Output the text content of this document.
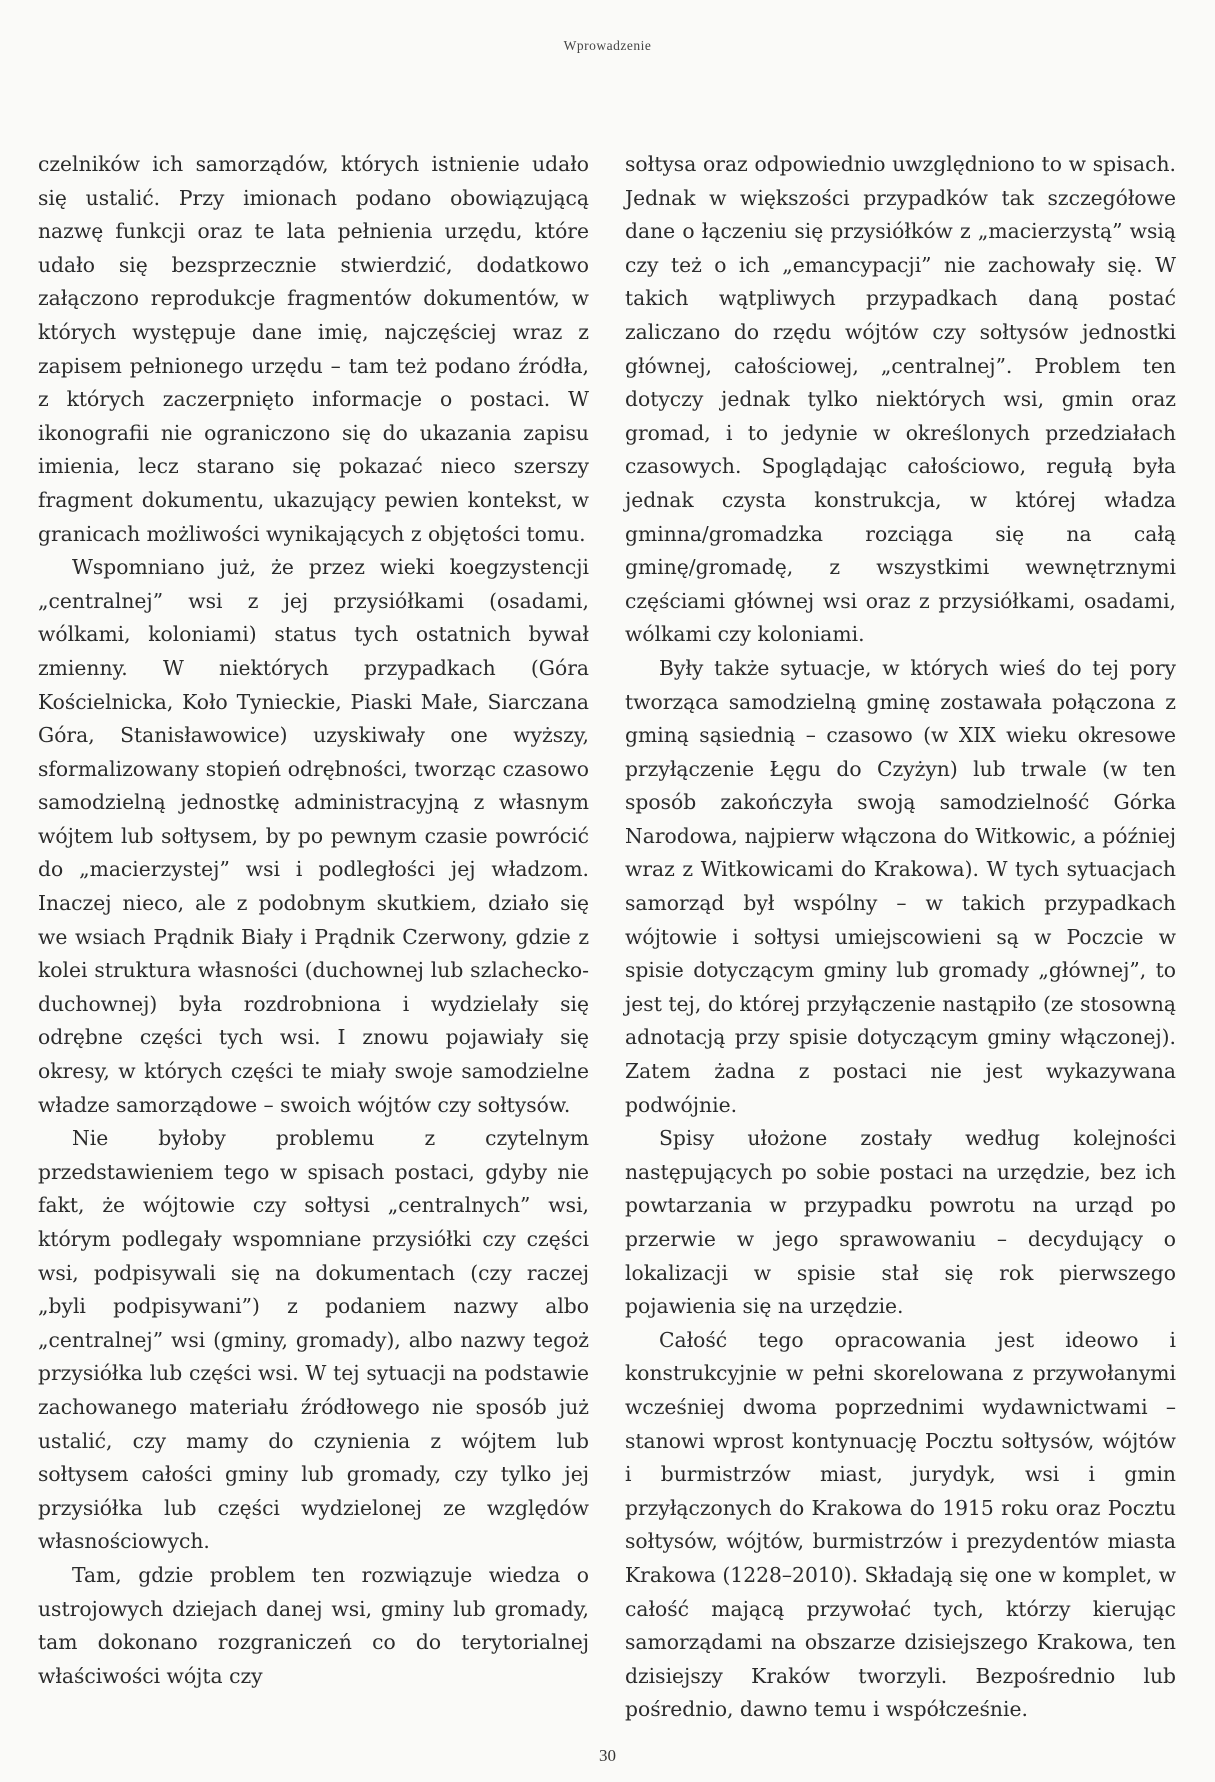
Wprowadzenie

czelników ich samorządów, których istnienie udało się ustalić. Przy imionach podano obowiązującą nazwę funkcji oraz te lata pełnienia urzędu, które udało się bezsprzecznie stwierdzić, dodatkowo załączono reprodukcje fragmentów dokumentów, w których występuje dane imię, najczęściej wraz z zapisem pełnionego urzędu – tam też podano źródła, z których zaczerpnięto informacje o postaci. W ikonografii nie ograniczono się do ukazania zapisu imienia, lecz starano się pokazać nieco szerszy fragment dokumentu, ukazujący pewien kontekst, w granicach możliwości wynikających z objętości tomu.

Wspomniano już, że przez wieki koegzystencji „centralnej” wsi z jej przysiółkami (osadami, wólkami, koloniami) status tych ostatnich bywał zmienny. W niektórych przypadkach (Góra Kościelnicka, Koło Tynieckie, Piaski Małe, Siarczana Góra, Stanisławowice) uzyskiwały one wyższy, sformalizowany stopień odrębności, tworząc czasowo samodzielną jednostkę administracyjną z własnym wójtem lub sołtysem, by po pewnym czasie powrócić do „macierzystej” wsi i podległości jej władzom. Inaczej nieco, ale z podobnym skutkiem, działo się we wsiach Prądnik Biały i Prądnik Czerwony, gdzie z kolei struktura własności (duchownej lub szlachecko-duchownej) była rozdrobniona i wydzielały się odrębne części tych wsi. I znowu pojawiały się okresy, w których części te miały swoje samodzielne władze samorządowe – swoich wójtów czy sołtysów.

Nie byłoby problemu z czytelnym przedstawieniem tego w spisach postaci, gdyby nie fakt, że wójtowie czy sołtysi „centralnych” wsi, którym podlegały wspomniane przysiółki czy części wsi, podpisywali się na dokumentach (czy raczej „byli podpisywani”) z podaniem nazwy albo „centralnej” wsi (gminy, gromady), albo nazwy tegoż przysiółka lub części wsi. W tej sytuacji na podstawie zachowanego materiału źródłowego nie sposób już ustalić, czy mamy do czynienia z wójtem lub sołtysem całości gminy lub gromady, czy tylko jej przysiółka lub części wydzielonej ze względów własnościowych.

Tam, gdzie problem ten rozwiązuje wiedza o ustrojowych dziejach danej wsi, gminy lub gromady, tam dokonano rozgraniczeń co do terytorialnej właściwości wójta czy

sołtysa oraz odpowiednio uwzględniono to w spisach. Jednak w większości przypadków tak szczegółowe dane o łączeniu się przysiółków z „macierzystą” wsią czy też o ich „emancypacji” nie zachowały się. W takich wątpliwych przypadkach daną postać zaliczano do rzędu wójtów czy sołtysów jednostki głównej, całościowej, „centralnej”. Problem ten dotyczy jednak tylko niektórych wsi, gmin oraz gromad, i to jedynie w określonych przedziałach czasowych. Spoglądając całościowo, regułą była jednak czysta konstrukcja, w której władza gminna/gromadzka rozciąga się na całą gminę/gromadę, z wszystkimi wewnętrznymi częściami głównej wsi oraz z przysiółkami, osadami, wólkami czy koloniami.

Były także sytuacje, w których wieś do tej pory tworząca samodzielną gminę zostawała połączona z gminą sąsiednią – czasowo (w XIX wieku okresowe przyłączenie Łęgu do Czyżyn) lub trwale (w ten sposób zakończyła swoją samodzielność Górka Narodowa, najpierw włączona do Witkowic, a później wraz z Witkowicami do Krakowa). W tych sytuacjach samorząd był wspólny – w takich przypadkach wójtowie i sołtysi umiejscowieni są w Poczcie w spisie dotyczącym gminy lub gromady „głównej”, to jest tej, do której przyłączenie nastąpiło (ze stosowną adnotacją przy spisie dotyczącym gminy włączonej). Zatem żadna z postaci nie jest wykazywana podwójnie.

Spisy ułożone zostały według kolejności następujących po sobie postaci na urzędzie, bez ich powtarzania w przypadku powrotu na urząd po przerwie w jego sprawowaniu – decydujący o lokalizacji w spisie stał się rok pierwszego pojawienia się na urzędzie.

Całość tego opracowania jest ideowo i konstrukcyjnie w pełni skorelowana z przywołanymi wcześniej dwoma poprzednimi wydawnictwami – stanowi wprost kontynuację Pocztu sołtysów, wójtów i burmistrzów miast, jurydyk, wsi i gmin przyłączonych do Krakowa do 1915 roku oraz Pocztu sołtysów, wójtów, burmistrzów i prezydentów miasta Krakowa (1228–2010). Składają się one w komplet, w całość mającą przywołać tych, którzy kierując samorządami na obszarze dzisiejszego Krakowa, ten dzisiejszy Kraków tworzyli. Bezpośrednio lub pośrednio, dawno temu i współcześnie.

30
